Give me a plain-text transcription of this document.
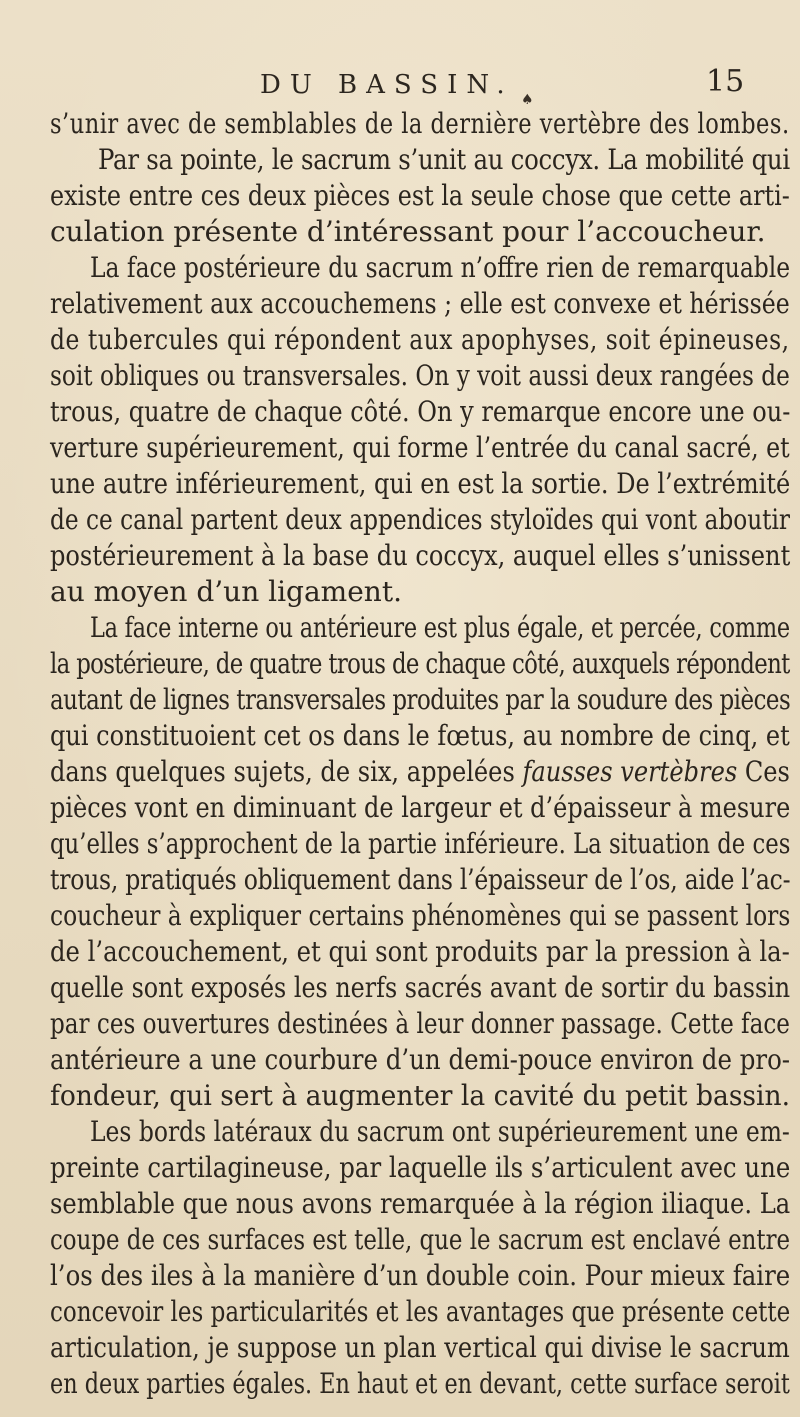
DU BASSIN. ♠
15
s’unir avec de semblables de la dernière vertèbre des lombes.
Par sa pointe, le sacrum s’unit au coccyx. La mobilité qui
existe entre ces deux pièces est la seule chose que cette arti-
culation présente d’intéressant pour l’accoucheur.
La face postérieure du sacrum n’offre rien de remarquable
relativement aux accouchemens ; elle est convexe et hérissée
de tubercules qui répondent aux apophyses, soit épineuses,
soit obliques ou transversales. On y voit aussi deux rangées de
trous, quatre de chaque côté. On y remarque encore une ou-
verture supérieurement, qui forme l’entrée du canal sacré, et
une autre inférieurement, qui en est la sortie. De l’extrémité
de ce canal partent deux appendices styloïdes qui vont aboutir
postérieurement à la base du coccyx, auquel elles s’unissent
au moyen d’un ligament.
La face interne ou antérieure est plus égale, et percée, comme
la postérieure, de quatre trous de chaque côté, auxquels répondent
autant de lignes transversales produites par la soudure des pièces
qui constituoient cet os dans le fœtus, au nombre de cinq, et
dans quelques sujets, de six, appelées fausses vertèbres Ces
pièces vont en diminuant de largeur et d’épaisseur à mesure
qu’elles s’approchent de la partie inférieure. La situation de ces
trous, pratiqués obliquement dans l’épaisseur de l’os, aide l’ac-
coucheur à expliquer certains phénomènes qui se passent lors
de l’accouchement, et qui sont produits par la pression à la-
quelle sont exposés les nerfs sacrés avant de sortir du bassin
par ces ouvertures destinées à leur donner passage. Cette face
antérieure a une courbure d’un demi-pouce environ de pro-
fondeur, qui sert à augmenter la cavité du petit bassin.
Les bords latéraux du sacrum ont supérieurement une em-
preinte cartilagineuse, par laquelle ils s’articulent avec une
semblable que nous avons remarquée à la région iliaque. La
coupe de ces surfaces est telle, que le sacrum est enclavé entre
l’os des iles à la manière d’un double coin. Pour mieux faire
concevoir les particularités et les avantages que présente cette
articulation, je suppose un plan vertical qui divise le sacrum
en deux parties égales. En haut et en devant, cette surface seroit
